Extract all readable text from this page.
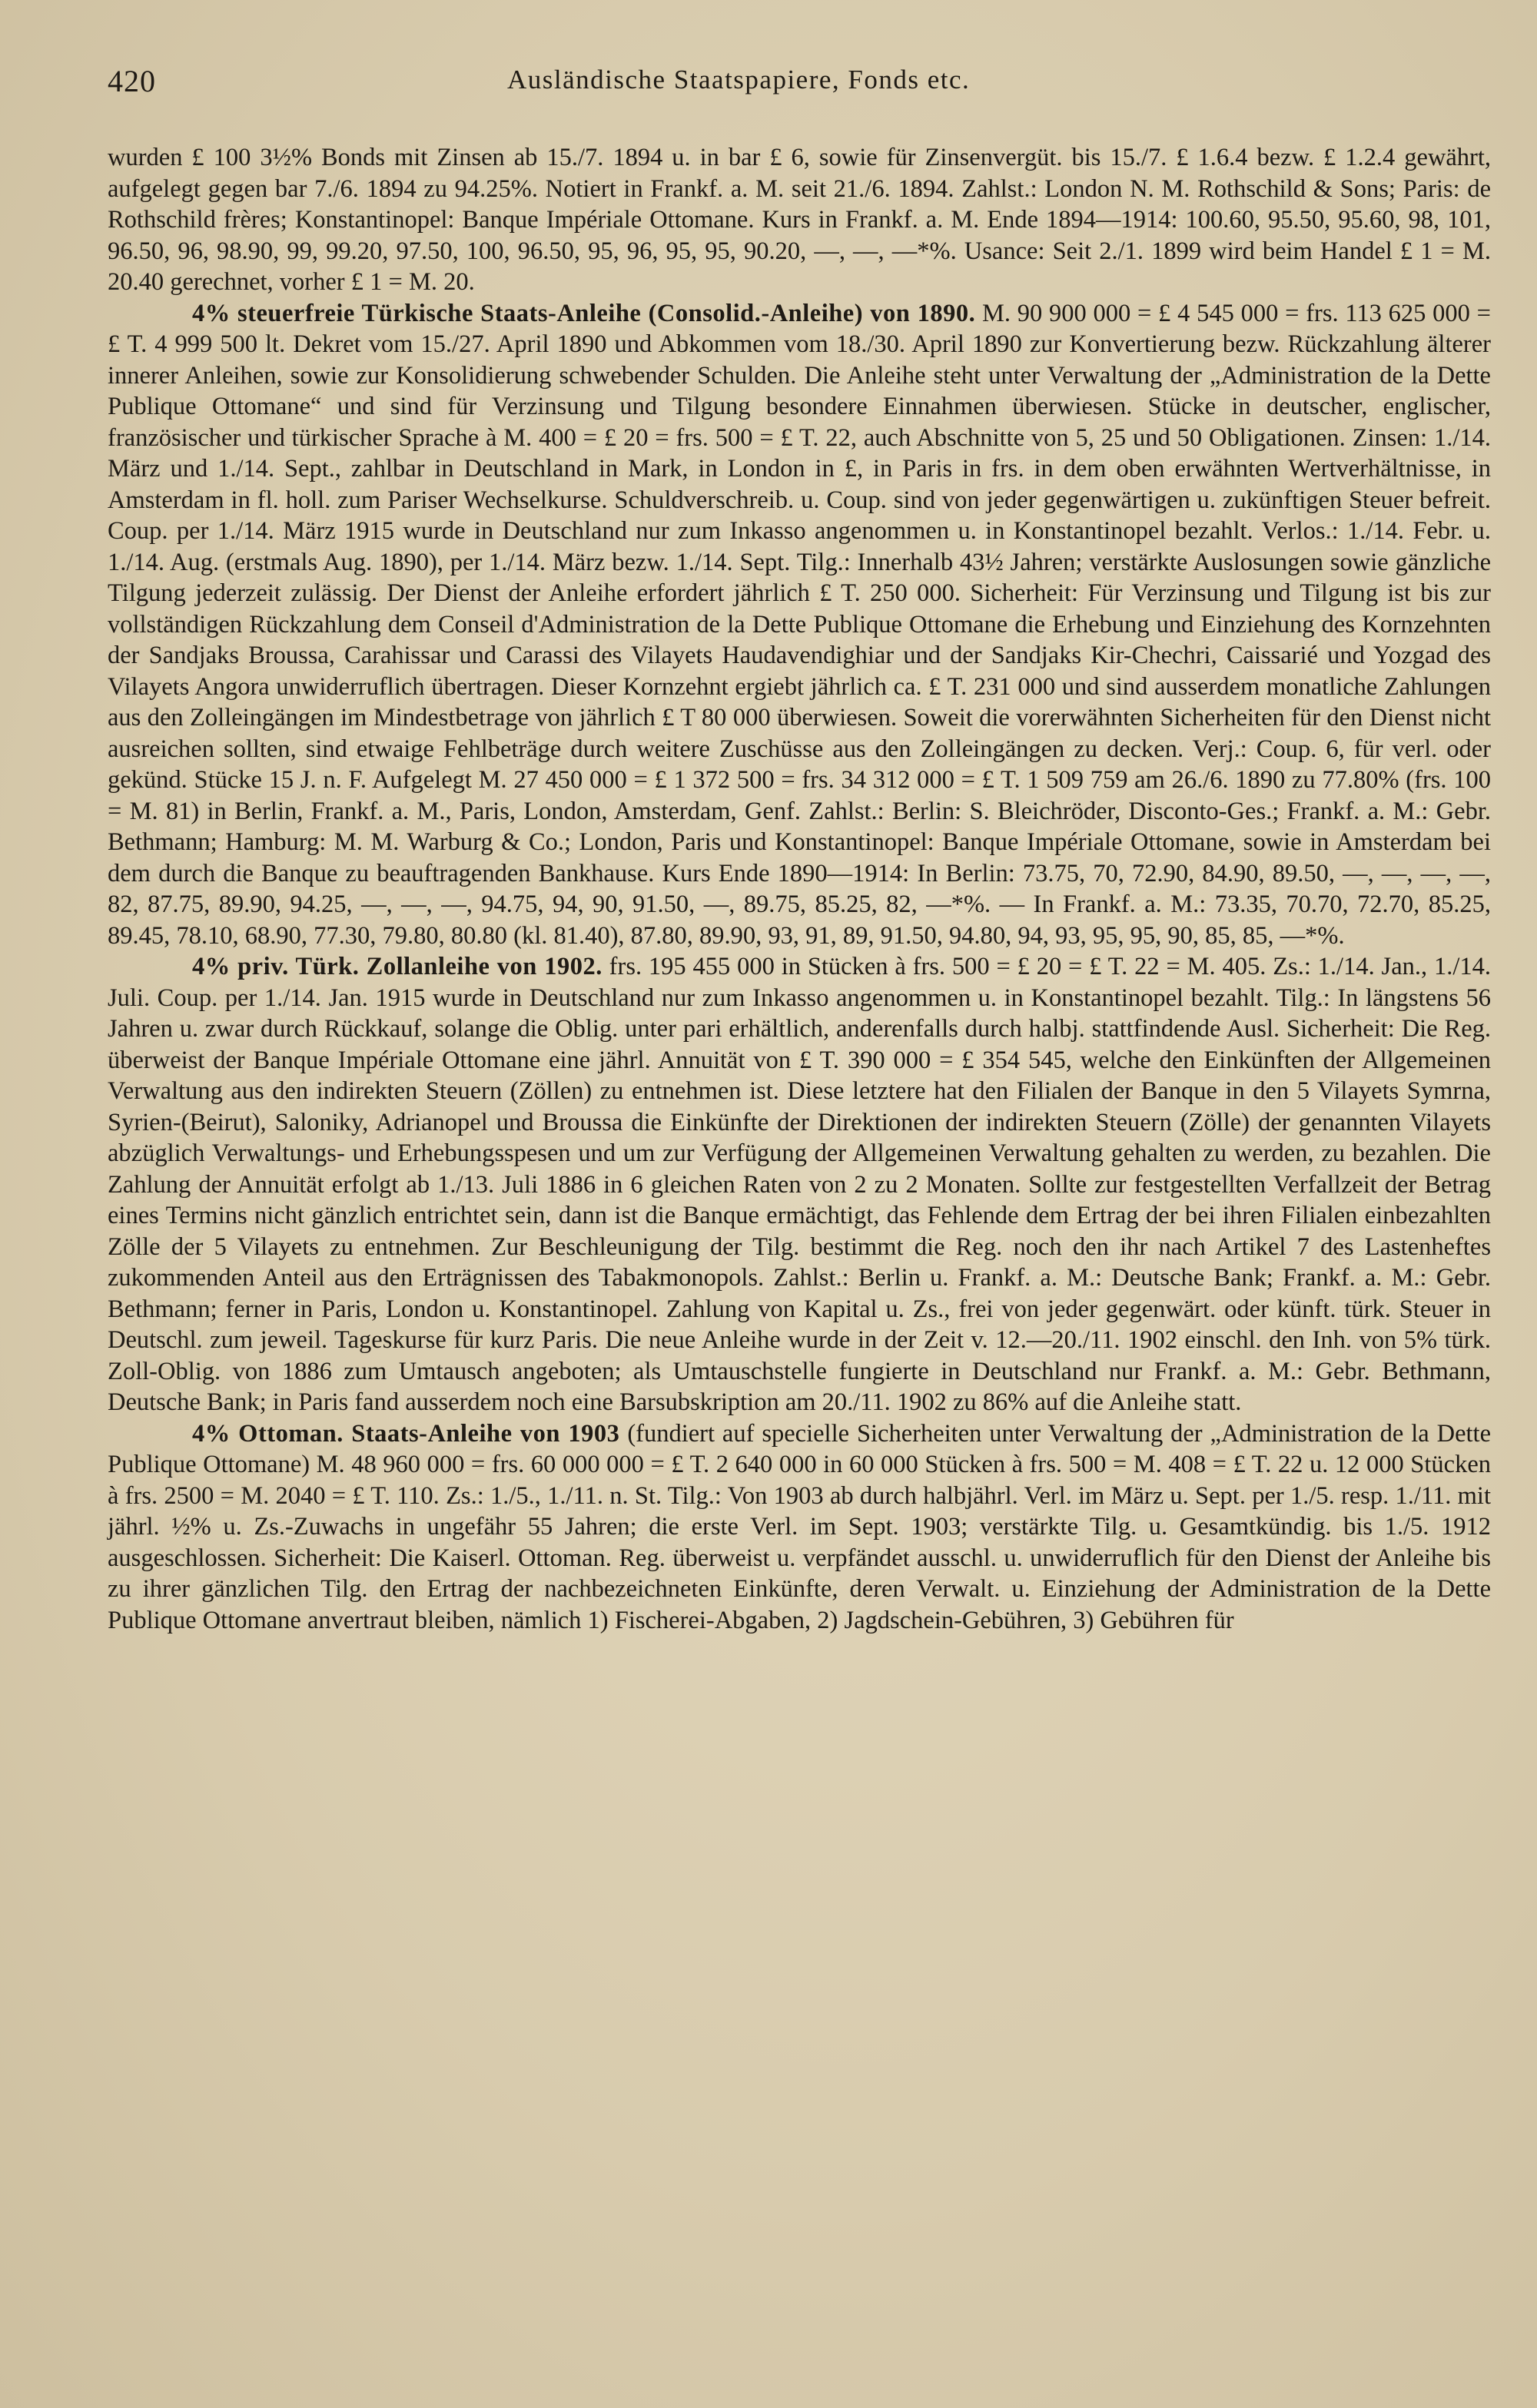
420	Ausländische Staatspapiere, Fonds etc.

wurden £ 100 3½% Bonds mit Zinsen ab 15./7. 1894 u. in bar £ 6, sowie für Zinsenvergüt. bis 15./7. £ 1.6.4 bezw. £ 1.2.4 gewährt, aufgelegt gegen bar 7./6. 1894 zu 94.25%. Notiert in Frankf. a. M. seit 21./6. 1894. Zahlst.: London N. M. Rothschild & Sons; Paris: de Rothschild frères; Konstantinopel: Banque Impériale Ottomane. Kurs in Frankf. a. M. Ende 1894—1914: 100.60, 95.50, 95.60, 98, 101, 96.50, 96, 98.90, 99, 99.20, 97.50, 100, 96.50, 95, 96, 95, 95, 90.20, —, —, —*%. Usance: Seit 2./1. 1899 wird beim Handel £ 1 = M. 20.40 gerechnet, vorher £ 1 = M. 20.

4% steuerfreie Türkische Staats-Anleihe (Consolid.-Anleihe) von 1890. M. 90 900 000 = £ 4 545 000 = frs. 113 625 000 = £ T. 4 999 500 lt. Dekret vom 15./27. April 1890 und Abkommen vom 18./30. April 1890 zur Konvertierung bezw. Rückzahlung älterer innerer Anleihen, sowie zur Konsolidierung schwebender Schulden. Die Anleihe steht unter Verwaltung der „Administration de la Dette Publique Ottomane“ und sind für Verzinsung und Tilgung besondere Einnahmen überwiesen. Stücke in deutscher, englischer, französischer und türkischer Sprache à M. 400 = £ 20 = frs. 500 = £ T. 22, auch Abschnitte von 5, 25 und 50 Obligationen. Zinsen: 1./14. März und 1./14. Sept., zahlbar in Deutschland in Mark, in London in £, in Paris in frs. in dem oben erwähnten Wertverhältnisse, in Amsterdam in fl. holl. zum Pariser Wechselkurse. Schuldverschreib. u. Coup. sind von jeder gegenwärtigen u. zukünftigen Steuer befreit. Coup. per 1./14. März 1915 wurde in Deutschland nur zum Inkasso angenommen u. in Konstantinopel bezahlt. Verlos.: 1./14. Febr. u. 1./14. Aug. (erstmals Aug. 1890), per 1./14. März bezw. 1./14. Sept. Tilg.: Innerhalb 43½ Jahren; verstärkte Auslosungen sowie gänzliche Tilgung jederzeit zulässig. Der Dienst der Anleihe erfordert jährlich £ T. 250 000. Sicherheit: Für Verzinsung und Tilgung ist bis zur vollständigen Rückzahlung dem Conseil d'Administration de la Dette Publique Ottomane die Erhebung und Einziehung des Kornzehnten der Sandjaks Broussa, Carahissar und Carassi des Vilayets Haudavendighiar und der Sandjaks Kir-Chechri, Caissarié und Yozgad des Vilayets Angora unwiderruflich übertragen. Dieser Kornzehnt ergiebt jährlich ca. £ T. 231 000 und sind ausserdem monatliche Zahlungen aus den Zolleingängen im Mindestbetrage von jährlich £ T 80 000 überwiesen. Soweit die vorerwähnten Sicherheiten für den Dienst nicht ausreichen sollten, sind etwaige Fehlbeträge durch weitere Zuschüsse aus den Zolleingängen zu decken. Verj.: Coup. 6, für verl. oder gekünd. Stücke 15 J. n. F. Aufgelegt M. 27 450 000 = £ 1 372 500 = frs. 34 312 000 = £ T. 1 509 759 am 26./6. 1890 zu 77.80% (frs. 100 = M. 81) in Berlin, Frankf. a. M., Paris, London, Amsterdam, Genf. Zahlst.: Berlin: S. Bleichröder, Disconto-Ges.; Frankf. a. M.: Gebr. Bethmann; Hamburg: M. M. Warburg & Co.; London, Paris und Konstantinopel: Banque Impériale Ottomane, sowie in Amsterdam bei dem durch die Banque zu beauftragenden Bankhause. Kurs Ende 1890—1914: In Berlin: 73.75, 70, 72.90, 84.90, 89.50, —, —, —, —, 82, 87.75, 89.90, 94.25, —, —, —, 94.75, 94, 90, 91.50, —, 89.75, 85.25, 82, —*%. — In Frankf. a. M.: 73.35, 70.70, 72.70, 85.25, 89.45, 78.10, 68.90, 77.30, 79.80, 80.80 (kl. 81.40), 87.80, 89.90, 93, 91, 89, 91.50, 94.80, 94, 93, 95, 95, 90, 85, 85, —*%.

4% priv. Türk. Zollanleihe von 1902. frs. 195 455 000 in Stücken à frs. 500 = £ 20 = £ T. 22 = M. 405. Zs.: 1./14. Jan., 1./14. Juli. Coup. per 1./14. Jan. 1915 wurde in Deutschland nur zum Inkasso angenommen u. in Konstantinopel bezahlt. Tilg.: In längstens 56 Jahren u. zwar durch Rückkauf, solange die Oblig. unter pari erhältlich, anderenfalls durch halbj. stattfindende Ausl. Sicherheit: Die Reg. überweist der Banque Impériale Ottomane eine jährl. Annuität von £ T. 390 000 = £ 354 545, welche den Einkünften der Allgemeinen Verwaltung aus den indirekten Steuern (Zöllen) zu entnehmen ist. Diese letztere hat den Filialen der Banque in den 5 Vilayets Symrna, Syrien-(Beirut), Saloniky, Adrianopel und Broussa die Einkünfte der Direktionen der indirekten Steuern (Zölle) der genannten Vilayets abzüglich Verwaltungs- und Erhebungsspesen und um zur Verfügung der Allgemeinen Verwaltung gehalten zu werden, zu bezahlen. Die Zahlung der Annuität erfolgt ab 1./13. Juli 1886 in 6 gleichen Raten von 2 zu 2 Monaten. Sollte zur festgestellten Verfallzeit der Betrag eines Termins nicht gänzlich entrichtet sein, dann ist die Banque ermächtigt, das Fehlende dem Ertrag der bei ihren Filialen einbezahlten Zölle der 5 Vilayets zu entnehmen. Zur Beschleunigung der Tilg. bestimmt die Reg. noch den ihr nach Artikel 7 des Lastenheftes zukommenden Anteil aus den Erträgnissen des Tabakmonopols. Zahlst.: Berlin u. Frankf. a. M.: Deutsche Bank; Frankf. a. M.: Gebr. Bethmann; ferner in Paris, London u. Konstantinopel. Zahlung von Kapital u. Zs., frei von jeder gegenwärt. oder künft. türk. Steuer in Deutschl. zum jeweil. Tageskurse für kurz Paris. Die neue Anleihe wurde in der Zeit v. 12.—20./11. 1902 einschl. den Inh. von 5% türk. Zoll-Oblig. von 1886 zum Umtausch angeboten; als Umtauschstelle fungierte in Deutschland nur Frankf. a. M.: Gebr. Bethmann, Deutsche Bank; in Paris fand ausserdem noch eine Barsubskription am 20./11. 1902 zu 86% auf die Anleihe statt.

4% Ottoman. Staats-Anleihe von 1903 (fundiert auf specielle Sicherheiten unter Verwaltung der „Administration de la Dette Publique Ottomane) M. 48 960 000 = frs. 60 000 000 = £ T. 2 640 000 in 60 000 Stücken à frs. 500 = M. 408 = £ T. 22 u. 12 000 Stücken à frs. 2500 = M. 2040 = £ T. 110. Zs.: 1./5., 1./11. n. St. Tilg.: Von 1903 ab durch halbjährl. Verl. im März u. Sept. per 1./5. resp. 1./11. mit jährl. ½% u. Zs.-Zuwachs in ungefähr 55 Jahren; die erste Verl. im Sept. 1903; verstärkte Tilg. u. Gesamtkündig. bis 1./5. 1912 ausgeschlossen. Sicherheit: Die Kaiserl. Ottoman. Reg. überweist u. verpfändet ausschl. u. unwiderruflich für den Dienst der Anleihe bis zu ihrer gänzlichen Tilg. den Ertrag der nachbezeichneten Einkünfte, deren Verwalt. u. Einziehung der Administration de la Dette Publique Ottomane anvertraut bleiben, nämlich 1) Fischerei-Abgaben, 2) Jagdschein-Gebühren, 3) Gebühren für
